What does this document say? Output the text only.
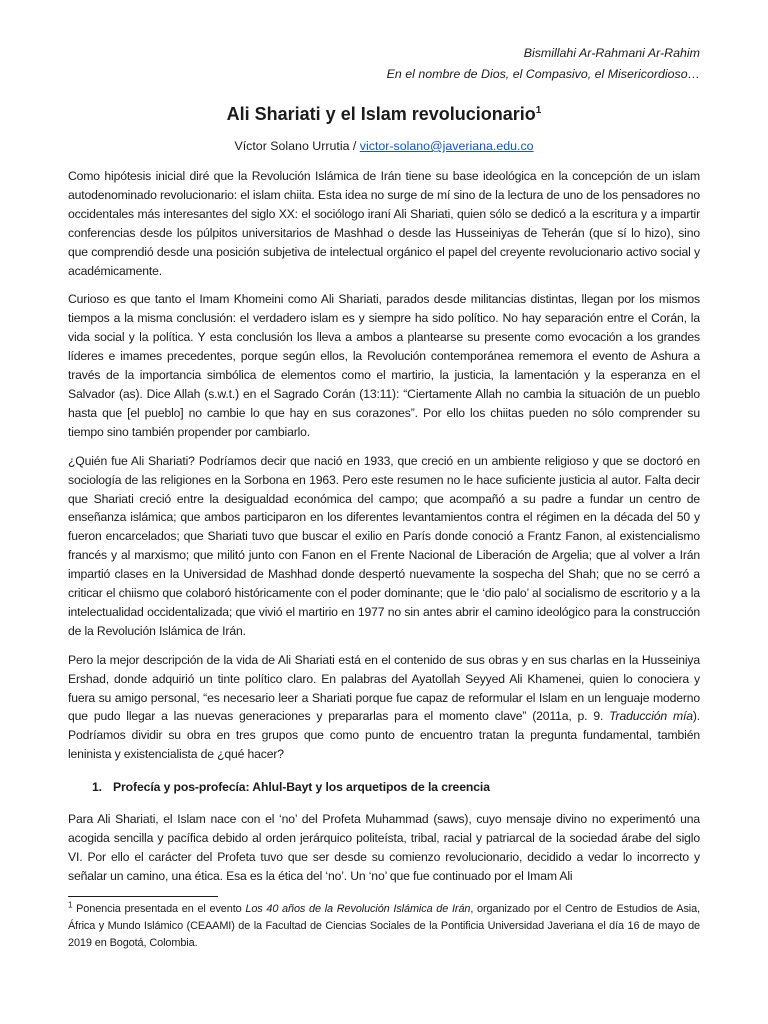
Bismillahi Ar-Rahmani Ar-Rahim
En el nombre de Dios, el Compasivo, el Misericordioso…
Ali Shariati y el Islam revolucionario$^1$
Víctor Solano Urrutia / victor-solano@javeriana.edu.co

Como hipótesis inicial diré que la Revolución Islámica de Irán tiene su base ideológica en la concepción de un islam autodenominado revolucionario: el islam chiita. Esta idea no surge de mí sino de la lectura de uno de los pensadores no occidentales más interesantes del siglo XX: el sociólogo iraní Ali Shariati, quien sólo se dedicó a la escritura y a impartir conferencias desde los púlpitos universitarios de Mashhad o desde las Husseiniyas de Teherán (que sí lo hizo), sino que comprendió desde una posición subjetiva de intelectual orgánico el papel del creyente revolucionario activo social y académicamente.

Curioso es que tanto el Imam Khomeini como Ali Shariati, parados desde militancias distintas, llegan por los mismos tiempos a la misma conclusión: el verdadero islam es y siempre ha sido político. No hay separación entre el Corán, la vida social y la política. Y esta conclusión los lleva a ambos a plantearse su presente como evocación a los grandes líderes e imames precedentes, porque según ellos, la Revolución contemporánea rememora el evento de Ashura a través de la importancia simbólica de elementos como el martirio, la justicia, la lamentación y la esperanza en el Salvador (as). Dice Allah (s.w.t.) en el Sagrado Corán (13:11): “Ciertamente Allah no cambia la situación de un pueblo hasta que [el pueblo] no cambie lo que hay en sus corazones”. Por ello los chiitas pueden no sólo comprender su tiempo sino también propender por cambiarlo.

¿Quién fue Ali Shariati? Podríamos decir que nació en 1933, que creció en un ambiente religioso y que se doctoró en sociología de las religiones en la Sorbona en 1963. Pero este resumen no le hace suficiente justicia al autor. Falta decir que Shariati creció entre la desigualdad económica del campo; que acompañó a su padre a fundar un centro de enseñanza islámica; que ambos participaron en los diferentes levantamientos contra el régimen en la década del 50 y fueron encarcelados; que Shariati tuvo que buscar el exilio en París donde conoció a Frantz Fanon, al existencialismo francés y al marxismo; que militó junto con Fanon en el Frente Nacional de Liberación de Argelia; que al volver a Irán impartió clases en la Universidad de Mashhad donde despertó nuevamente la sospecha del Shah; que no se cerró a criticar el chiismo que colaboró históricamente con el poder dominante; que le ‘dio palo’ al socialismo de escritorio y a la intelectualidad occidentalizada; que vivió el martirio en 1977 no sin antes abrir el camino ideológico para la construcción de la Revolución Islámica de Irán.

Pero la mejor descripción de la vida de Ali Shariati está en el contenido de sus obras y en sus charlas en la Husseiniya Ershad, donde adquirió un tinte político claro. En palabras del Ayatollah Seyyed Ali Khamenei, quien lo conociera y fuera su amigo personal, “es necesario leer a Shariati porque fue capaz de reformular el Islam en un lenguaje moderno que pudo llegar a las nuevas generaciones y prepararlas para el momento clave” (2011a, p. 9. Traducción mía). Podríamos dividir su obra en tres grupos que como punto de encuentro tratan la pregunta fundamental, también leninista y existencialista de ¿qué hacer?

1. Profecía y pos-profecía: Ahlul-Bayt y los arquetipos de la creencia

Para Ali Shariati, el Islam nace con el ‘no’ del Profeta Muhammad (saws), cuyo mensaje divino no experimentó una acogida sencilla y pacífica debido al orden jerárquico politeísta, tribal, racial y patriarcal de la sociedad árabe del siglo VI. Por ello el carácter del Profeta tuvo que ser desde su comienzo revolucionario, decidido a vedar lo incorrecto y señalar un camino, una ética. Esa es la ética del ‘no’. Un ‘no’ que fue continuado por el Imam Ali

$^1$ Ponencia presentada en el evento Los 40 años de la Revolución Islámica de Irán, organizado por el Centro de Estudios de Asia, África y Mundo Islámico (CEAAMI) de la Facultad de Ciencias Sociales de la Pontificia Universidad Javeriana el día 16 de mayo de 2019 en Bogotá, Colombia.
